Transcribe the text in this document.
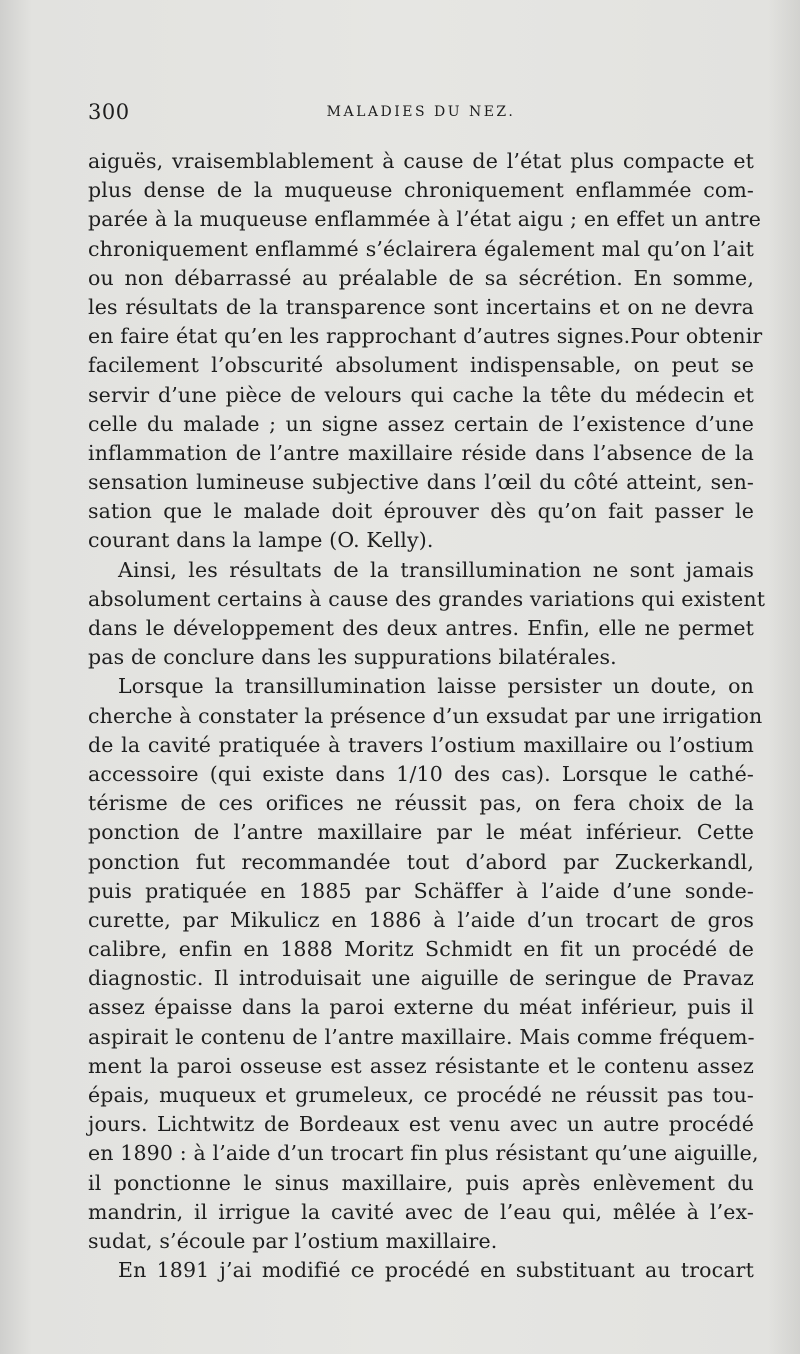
300	MALADIES DU NEZ.
aiguës, vraisemblablement à cause de l’état plus compacte et
plus dense de la muqueuse chroniquement enflammée com-
parée à la muqueuse enflammée à l’état aigu ; en effet un antre
chroniquement enflammé s’éclairera également mal qu’on l’ait
ou non débarrassé au préalable de sa sécrétion. En somme,
les résultats de la transparence sont incertains et on ne devra
en faire état qu’en les rapprochant d’autres signes.Pour obtenir
facilement l’obscurité absolument indispensable, on peut se
servir d’une pièce de velours qui cache la tête du médecin et
celle du malade ; un signe assez certain de l’existence d’une
inflammation de l’antre maxillaire réside dans l’absence de la
sensation lumineuse subjective dans l’œil du côté atteint, sen-
sation que le malade doit éprouver dès qu’on fait passer le
courant dans la lampe (O. Kelly).
Ainsi, les résultats de la transillumination ne sont jamais
absolument certains à cause des grandes variations qui existent
dans le développement des deux antres. Enfin, elle ne permet
pas de conclure dans les suppurations bilatérales.
Lorsque la transillumination laisse persister un doute, on
cherche à constater la présence d’un exsudat par une irrigation
de la cavité pratiquée à travers l’ostium maxillaire ou l’ostium
accessoire (qui existe dans 1/10 des cas). Lorsque le cathé-
térisme de ces orifices ne réussit pas, on fera choix de la
ponction de l’antre maxillaire par le méat inférieur. Cette
ponction fut recommandée tout d’abord par Zuckerkandl,
puis pratiquée en 1885 par Schäffer à l’aide d’une sonde-
curette, par Mikulicz en 1886 à l’aide d’un trocart de gros
calibre, enfin en 1888 Moritz Schmidt en fit un procédé de
diagnostic. Il introduisait une aiguille de seringue de Pravaz
assez épaisse dans la paroi externe du méat inférieur, puis il
aspirait le contenu de l’antre maxillaire. Mais comme fréquem-
ment la paroi osseuse est assez résistante et le contenu assez
épais, muqueux et grumeleux, ce procédé ne réussit pas tou-
jours. Lichtwitz de Bordeaux est venu avec un autre procédé
en 1890 : à l’aide d’un trocart fin plus résistant qu’une aiguille,
il ponctionne le sinus maxillaire, puis après enlèvement du
mandrin, il irrigue la cavité avec de l’eau qui, mêlée à l’ex-
sudat, s’écoule par l’ostium maxillaire.
En 1891 j’ai modifié ce procédé en substituant au trocart
